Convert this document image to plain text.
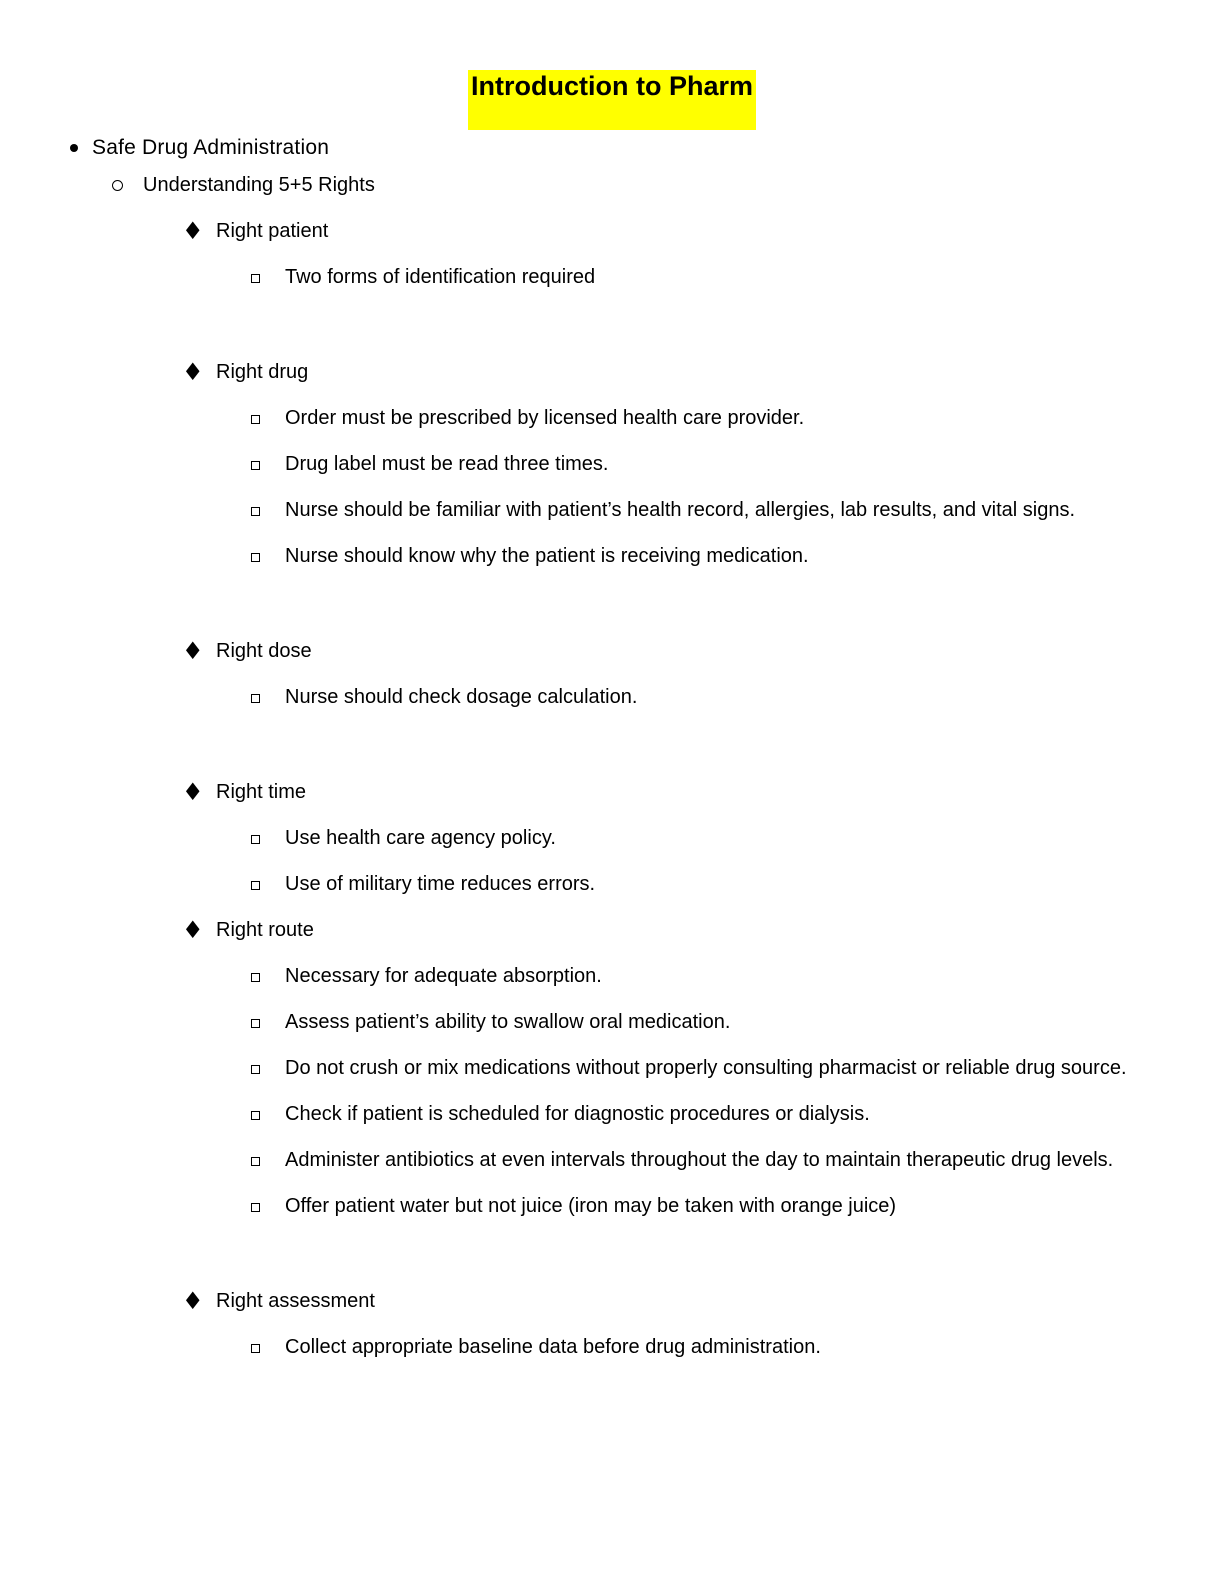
Introduction to Pharm
Safe Drug Administration
Understanding 5+5 Rights
♦ Right patient
Two forms of identification required
♦ Right drug
Order must be prescribed by licensed health care provider.
Drug label must be read three times.
Nurse should be familiar with patient’s health record, allergies, lab results, and vital signs.
Nurse should know why the patient is receiving medication.
♦ Right dose
Nurse should check dosage calculation.
♦ Right time
Use health care agency policy.
Use of military time reduces errors.
♦ Right route
Necessary for adequate absorption.
Assess patient’s ability to swallow oral medication.
Do not crush or mix medications without properly consulting pharmacist or reliable drug source.
Check if patient is scheduled for diagnostic procedures or dialysis.
Administer antibiotics at even intervals throughout the day to maintain therapeutic drug levels.
Offer patient water but not juice (iron may be taken with orange juice)
♦ Right assessment
Collect appropriate baseline data before drug administration.
